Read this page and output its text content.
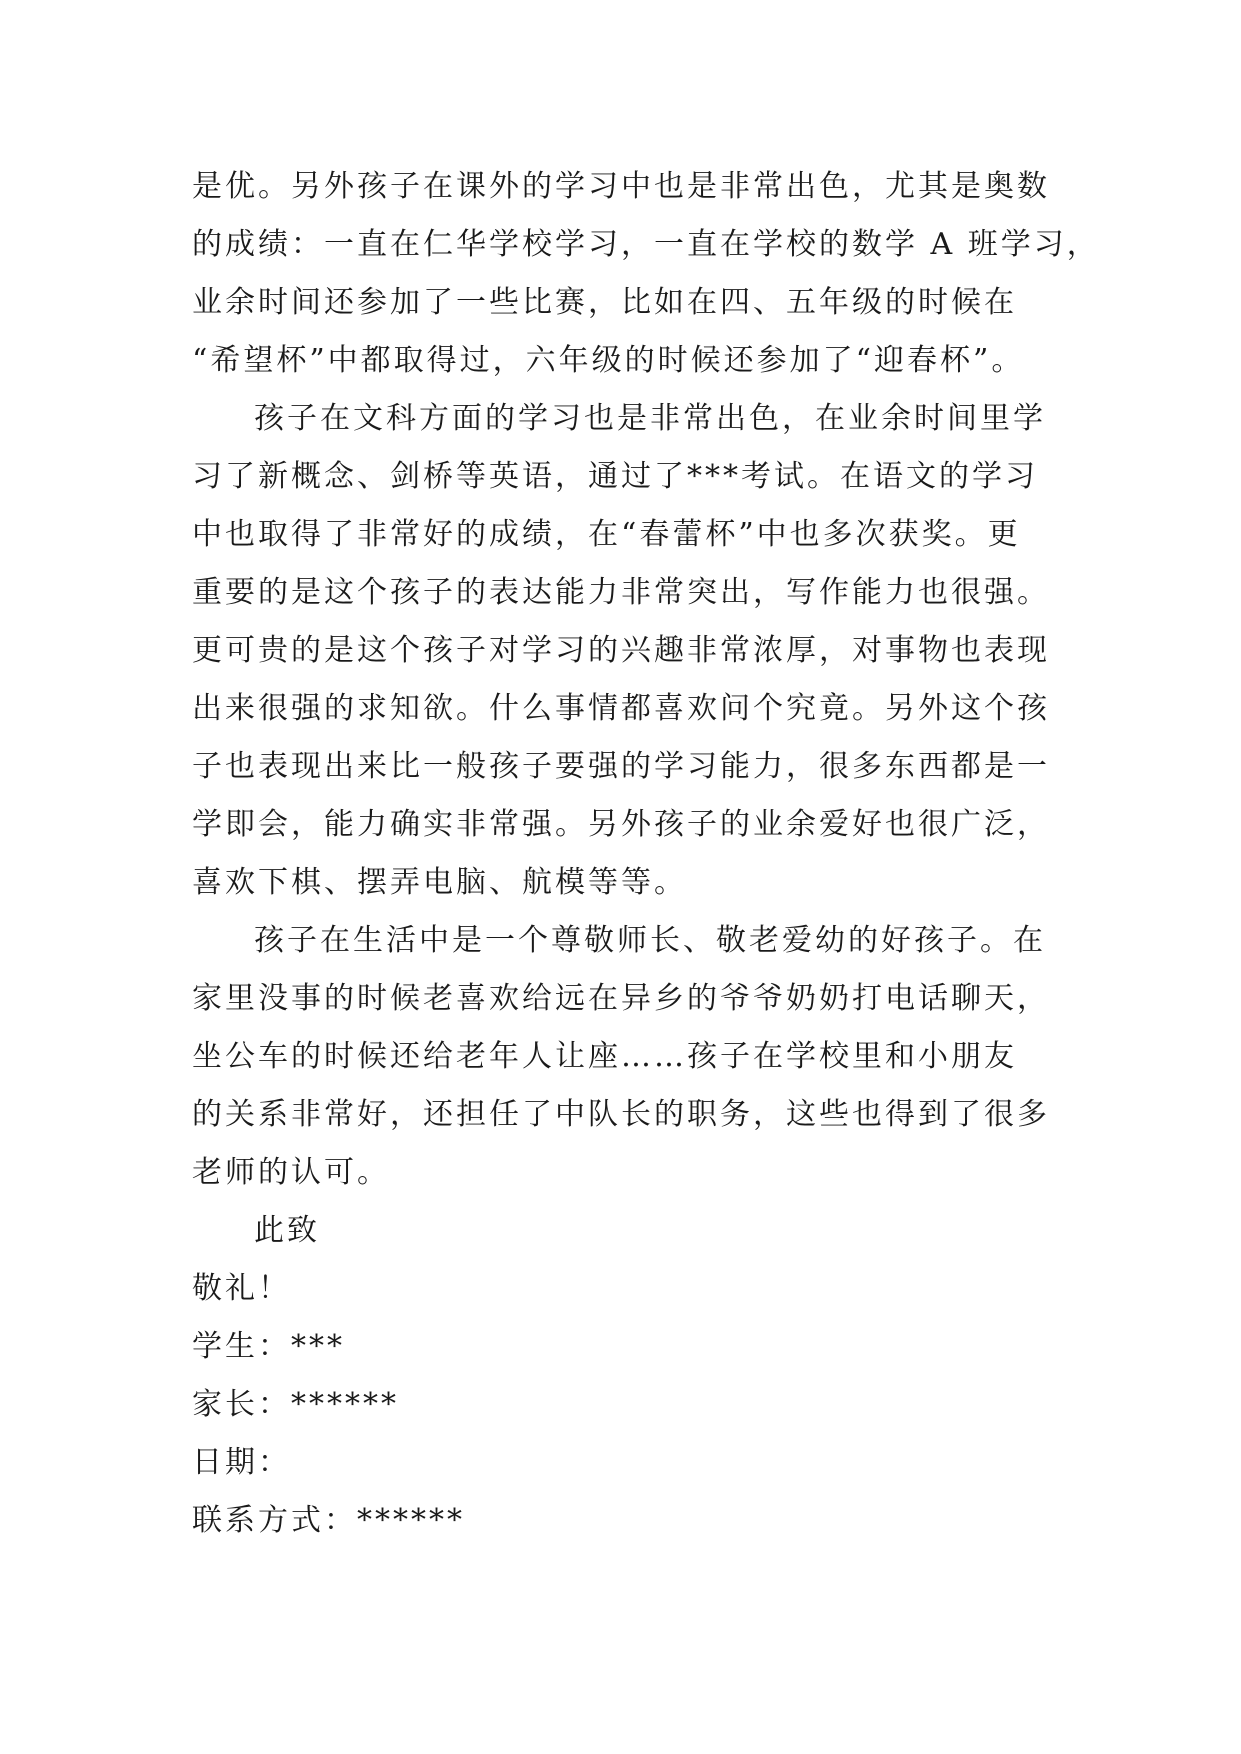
是优。另外孩子在课外的学习中也是非常出色，尤其是奥数
的成绩：一直在仁华学校学习，一直在学校的数学 A 班学习，
业余时间还参加了一些比赛，比如在四、五年级的时候在
“希望杯”中都取得过，六年级的时候还参加了“迎春杯”。
孩子在文科方面的学习也是非常出色，在业余时间里学
习了新概念、剑桥等英语，通过了***考试。在语文的学习
中也取得了非常好的成绩，在“春蕾杯”中也多次获奖。更
重要的是这个孩子的表达能力非常突出，写作能力也很强。
更可贵的是这个孩子对学习的兴趣非常浓厚，对事物也表现
出来很强的求知欲。什么事情都喜欢问个究竟。另外这个孩
子也表现出来比一般孩子要强的学习能力，很多东西都是一
学即会，能力确实非常强。另外孩子的业余爱好也很广泛，
喜欢下棋、摆弄电脑、航模等等。
孩子在生活中是一个尊敬师长、敬老爱幼的好孩子。在
家里没事的时候老喜欢给远在异乡的爷爷奶奶打电话聊天，
坐公车的时候还给老年人让座……孩子在学校里和小朋友
的关系非常好，还担任了中队长的职务，这些也得到了很多
老师的认可。
此致
敬礼！
学生：***
家长：******
日期：
联系方式：******
